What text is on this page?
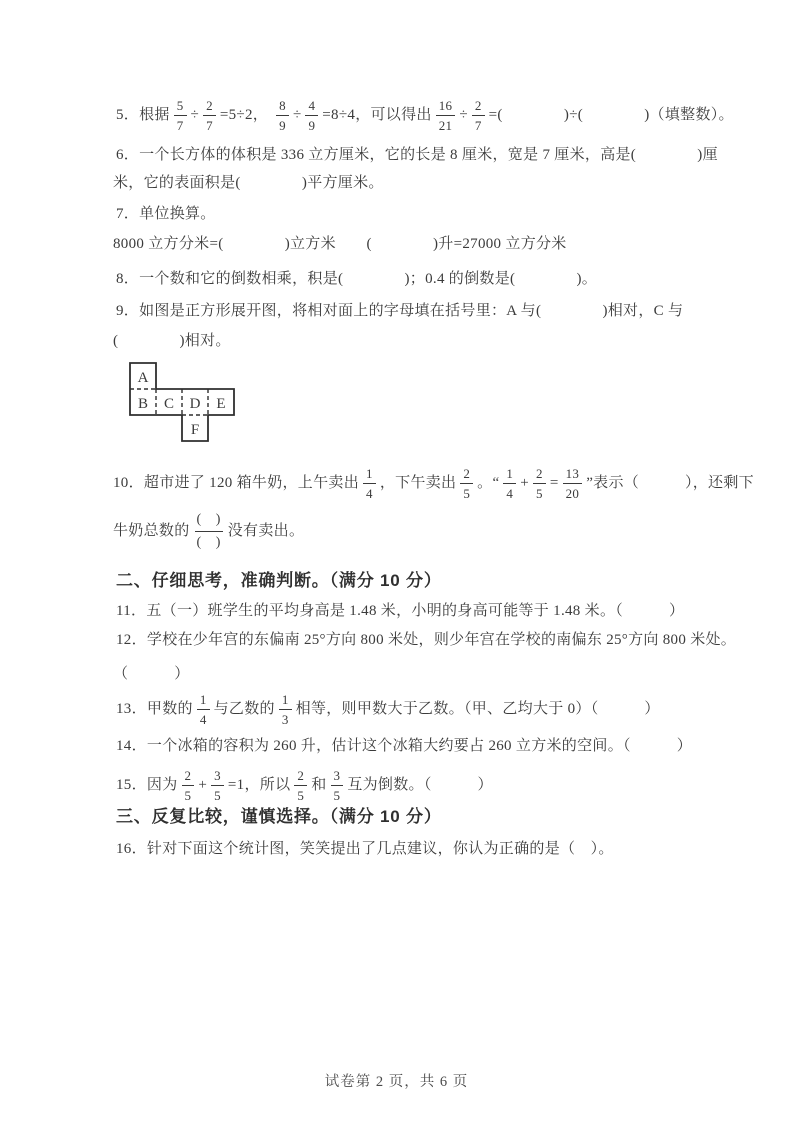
5．根据 $\frac{5}{7} \div \frac{2}{7} =5\div 2$， $\frac{8}{9} \div \frac{4}{9} =8\div 4$，可以得出 $\frac{16}{21} \div \frac{2}{7}$ =(　　　　)÷(　　　　)（填整数）。
6．一个长方体的体积是 336 立方厘米，它的长是 8 厘米，宽是 7 厘米，高是(　　　　)厘
米，它的表面积是(　　　　)平方厘米。
7．单位换算。
8000 立方分米=(　　　　)立方米　　(　　　　)升=27000 立方分米
8．一个数和它的倒数相乘，积是(　　　　)；0.4 的倒数是(　　　　)。
9．如图是正方形展开图，将相对面上的字母填在括号里：A 与(　　　　)相对，C 与
(　　　　)相对。
A
B C D E
F
10．超市进了 120 箱牛奶，上午卖出 $\frac{1}{4}$ ，下午卖出 $\frac{2}{5}$ 。“ $\frac{1}{4} + \frac{2}{5} = \frac{13}{20}$ ”表示（　　　），还剩下
牛奶总数的 $\frac{( )}{( )}$ 没有卖出。
二、仔细思考，准确判断。（满分 10 分）
11．五（一）班学生的平均身高是 1.48 米，小明的身高可能等于 1.48 米。（　　　）
12．学校在少年宫的东偏南 25°方向 800 米处，则少年宫在学校的南偏东 25°方向 800 米处。
（　　　）
13．甲数的 $\frac{1}{4}$ 与乙数的 $\frac{1}{3}$ 相等，则甲数大于乙数。（甲、乙均大于 0）（　　　）
14．一个冰箱的容积为 260 升，估计这个冰箱大约要占 260 立方米的空间。（　　　）
15．因为 $\frac{2}{5} + \frac{3}{5} =1$，所以 $\frac{2}{5}$ 和 $\frac{3}{5}$ 互为倒数。（　　　）
三、反复比较，谨慎选择。（满分 10 分）
16．针对下面这个统计图，笑笑提出了几点建议，你认为正确的是（　）。
试卷第 2 页，共 6 页
